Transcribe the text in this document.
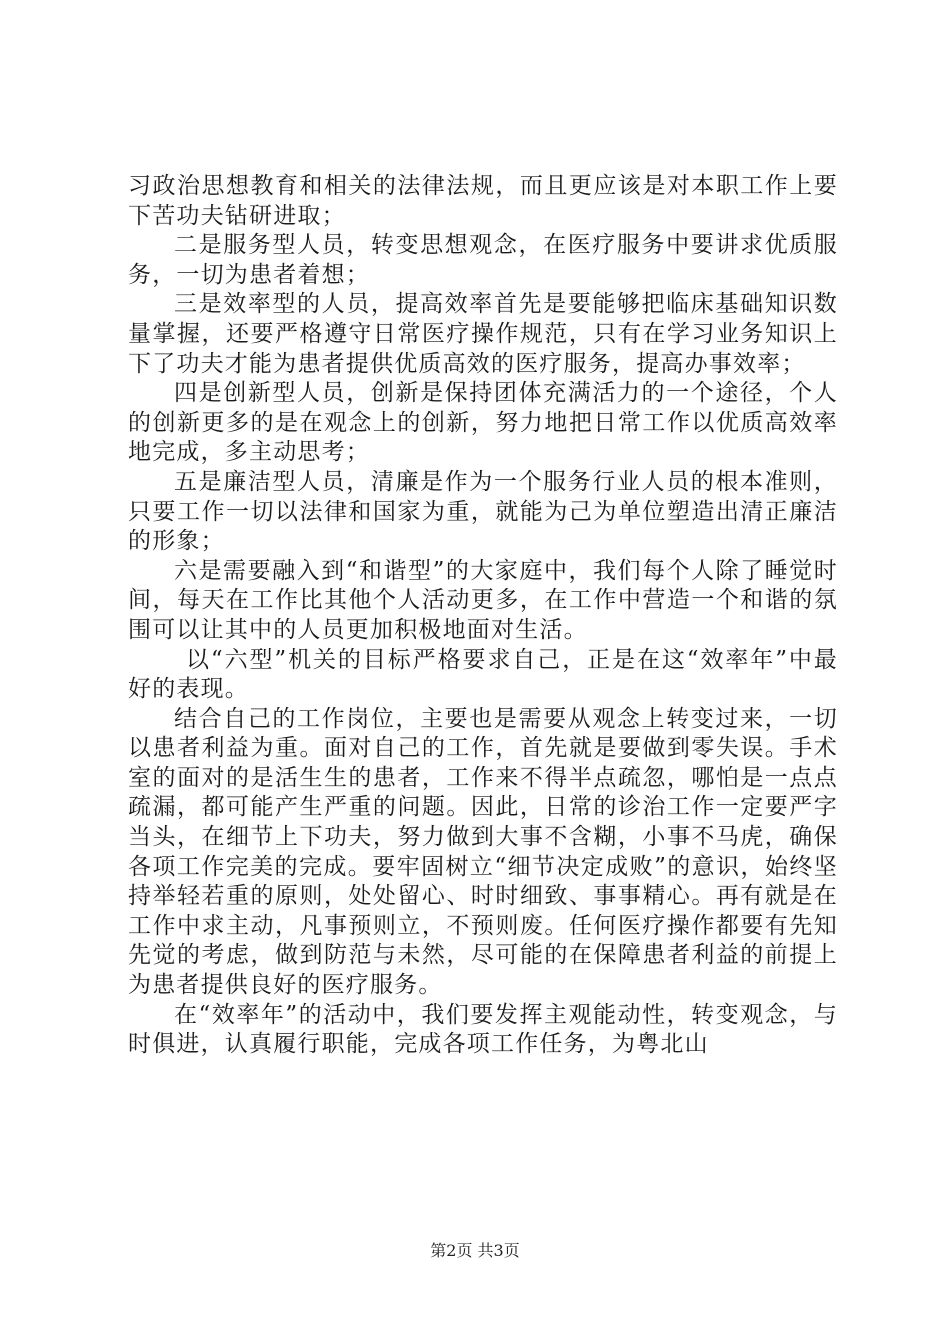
习政治思想教育和相关的法律法规，而且更应该是对本职工作上要下苦功夫钻研进取；

二是服务型人员，转变思想观念，在医疗服务中要讲求优质服务，一切为患者着想；

三是效率型的人员，提高效率首先是要能够把临床基础知识数量掌握，还要严格遵守日常医疗操作规范，只有在学习业务知识上下了功夫才能为患者提供优质高效的医疗服务，提高办事效率；

四是创新型人员，创新是保持团体充满活力的一个途径，个人的创新更多的是在观念上的创新，努力地把日常工作以优质高效率地完成，多主动思考；

五是廉洁型人员，清廉是作为一个服务行业人员的根本准则，只要工作一切以法律和国家为重，就能为己为单位塑造出清正廉洁的形象；

六是需要融入到“和谐型”的大家庭中，我们每个人除了睡觉时间，每天在工作比其他个人活动更多，在工作中营造一个和谐的氛围可以让其中的人员更加积极地面对生活。

以“六型”机关的目标严格要求自己，正是在这“效率年”中最好的表现。

结合自己的工作岗位，主要也是需要从观念上转变过来，一切以患者利益为重。面对自己的工作，首先就是要做到零失误。手术室的面对的是活生生的患者，工作来不得半点疏忽，哪怕是一点点疏漏，都可能产生严重的问题。因此，日常的诊治工作一定要严字当头，在细节上下功夫，努力做到大事不含糊，小事不马虎，确保各项工作完美的完成。要牢固树立“细节决定成败”的意识，始终坚持举轻若重的原则，处处留心、时时细致、事事精心。再有就是在工作中求主动，凡事预则立，不预则废。任何医疗操作都要有先知先觉的考虑，做到防范与未然，尽可能的在保障患者利益的前提上为患者提供良好的医疗服务。

在“效率年”的活动中，我们要发挥主观能动性，转变观念，与时俱进，认真履行职能，完成各项工作任务，为粤北山

第2页 共3页
